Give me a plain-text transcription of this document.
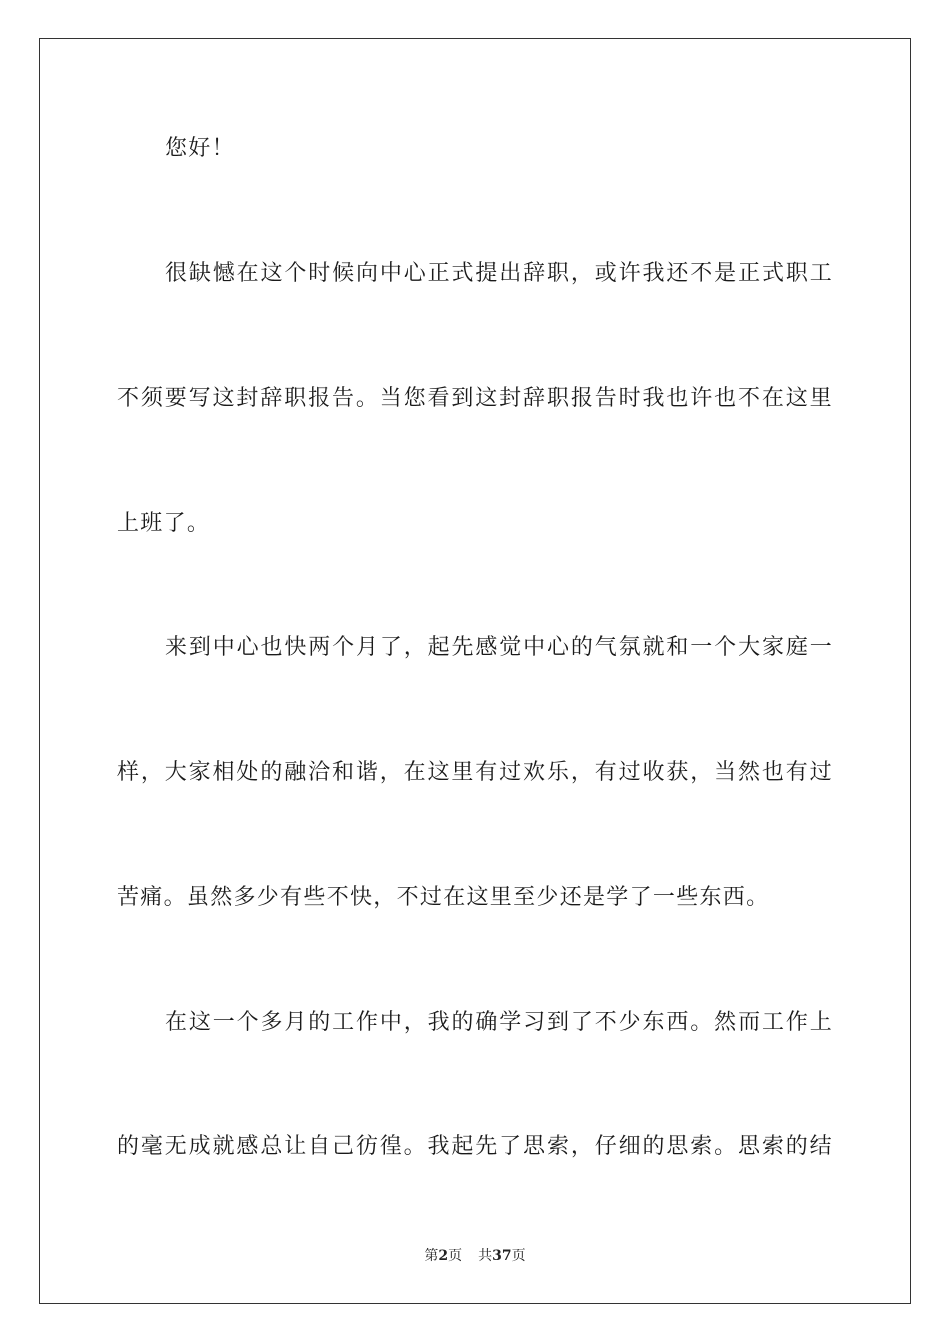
您好！
很缺憾在这个时候向中心正式提出辞职，或许我还不是正式职工
不须要写这封辞职报告。当您看到这封辞职报告时我也许也不在这里
上班了。
来到中心也快两个月了，起先感觉中心的气氛就和一个大家庭一
样，大家相处的融洽和谐，在这里有过欢乐，有过收获，当然也有过
苦痛。虽然多少有些不快，不过在这里至少还是学了一些东西。
在这一个多月的工作中，我的确学习到了不少东西。然而工作上
的毫无成就感总让自己彷徨。我起先了思索，仔细的思索。思索的结
第2页 共37页
